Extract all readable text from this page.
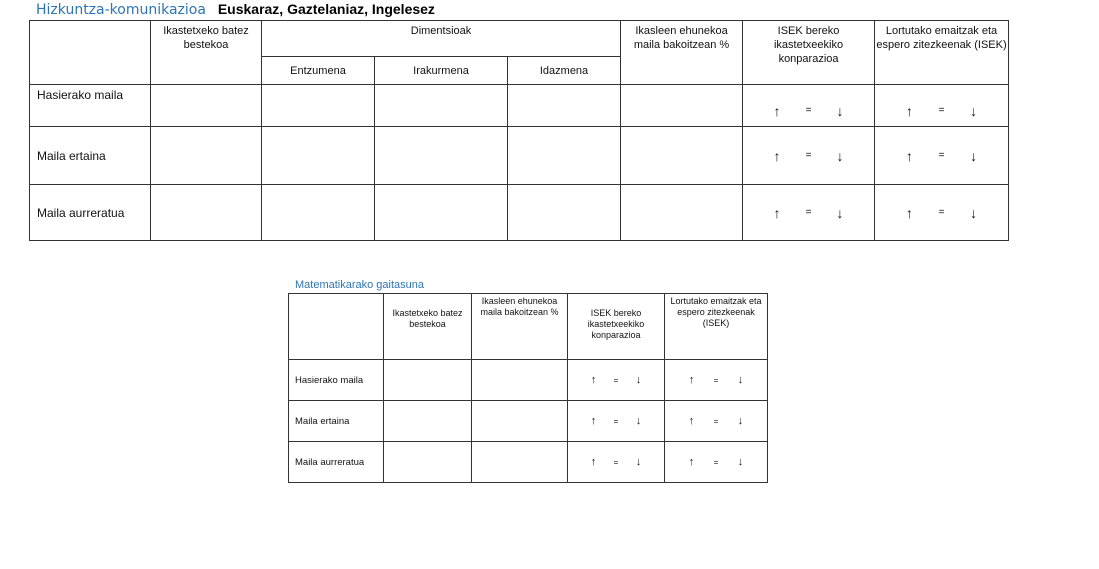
Hizkuntza-komunikazioa Euskaraz, Gaztelaniaz, Ingelesez
	Ikastetxeko batez bestekoa	Dimentsioak			Ikasleen ehunekoa maila bakoitzean %	ISEK bereko ikastetxeekiko konparazioa	Lortutako emaitzak eta espero zitezkeenak (ISEK)
		Entzumena	Irakurmena	Idazmena			
Hasierako maila						↑ = ↓	↑ = ↓

Maila ertaina						↑ = ↓	↑ = ↓

Maila aurreratua						↑ = ↓	↑ = ↓
Matematikarako gaitasuna
	Ikastetxeko batez bestekoa	Ikasleen ehunekoa maila bakoitzean %	ISEK bereko ikastetxeekiko konparazioa	Lortutako emaitzak eta espero zitezkeenak (ISEK)
Hasierako maila			↑ = ↓	↑ = ↓

Maila ertaina			↑ = ↓	↑ = ↓

Maila aurreratua			↑ = ↓	↑ = ↓
